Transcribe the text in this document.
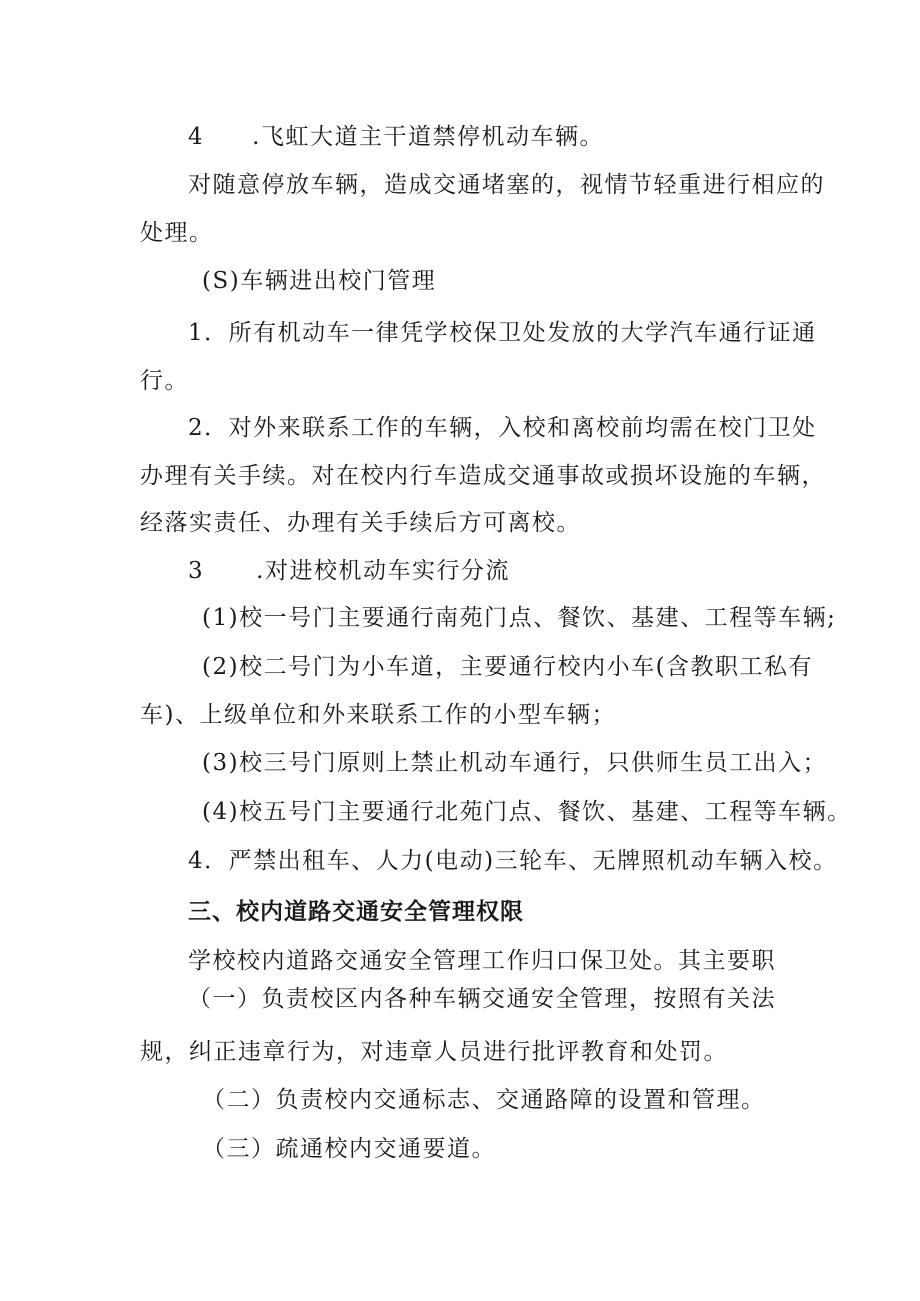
4 .飞虹大道主干道禁停机动车辆。
对随意停放车辆，造成交通堵塞的，视情节轻重进行相应的
处理。
(S)车辆进出校门管理
1．所有机动车一律凭学校保卫处发放的大学汽车通行证通
行。
2．对外来联系工作的车辆，入校和离校前均需在校门卫处
办理有关手续。对在校内行车造成交通事故或损坏设施的车辆，
经落实责任、办理有关手续后方可离校。
3 .对进校机动车实行分流
(1)校一号门主要通行南苑门点、餐饮、基建、工程等车辆;
(2)校二号门为小车道，主要通行校内小车(含教职工私有
车)、上级单位和外来联系工作的小型车辆；
(3)校三号门原则上禁止机动车通行，只供师生员工出入；
(4)校五号门主要通行北苑门点、餐饮、基建、工程等车辆。
4．严禁出租车、人力(电动)三轮车、无牌照机动车辆入校。
三、校内道路交通安全管理权限
学校校内道路交通安全管理工作归口保卫处。其主要职
（一）负责校区内各种车辆交通安全管理，按照有关法
规，纠正违章行为，对违章人员进行批评教育和处罚。
（二）负责校内交通标志、交通路障的设置和管理。
（三）疏通校内交通要道。
